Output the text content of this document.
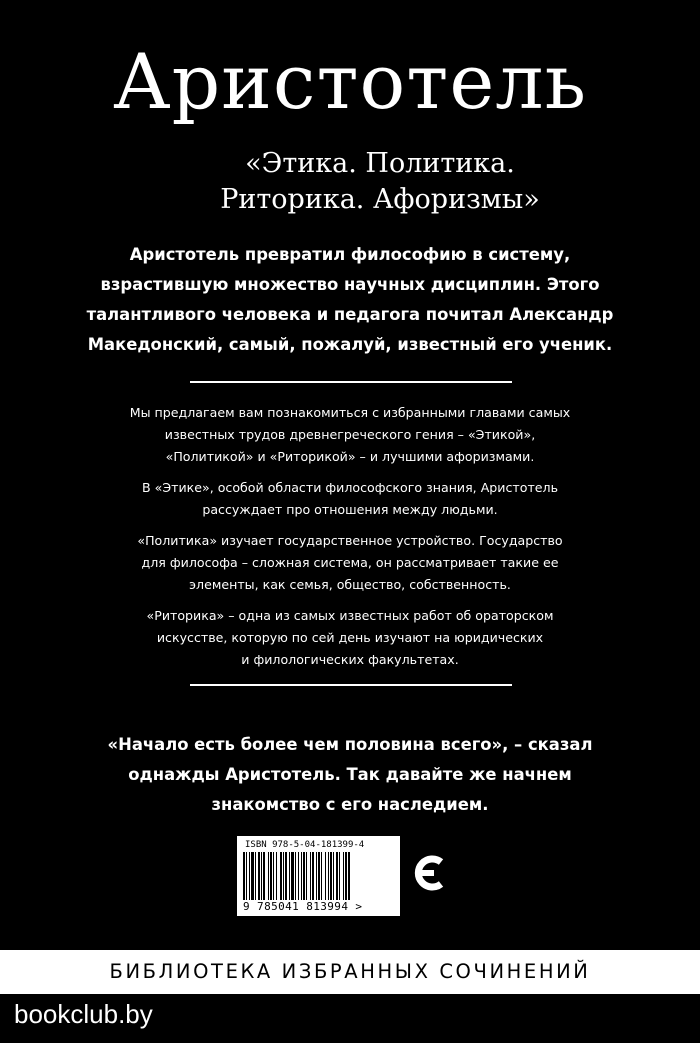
Аристотель
«Этика. Политика.
Риторика. Афоризмы»
Аристотель превратил философию в систему,
взрастившую множество научных дисциплин. Этого
талантливого человека и педагога почитал Александр
Македонский, самый, пожалуй, известный его ученик.

Мы предлагаем вам познакомиться с избранными главами самых
известных трудов древнегреческого гения – «Этикой»,
«Политикой» и «Риторикой» – и лучшими афоризмами.

В «Этике», особой области философского знания, Аристотель
рассуждает про отношения между людьми.

«Политика» изучает государственное устройство. Государство
для философа – сложная система, он рассматривает такие ее
элементы, как семья, общество, собственность.

«Риторика» – одна из самых известных работ об ораторском
искусстве, которую по сей день изучают на юридических
и филологических факультетах.

«Начало есть более чем половина всего», – сказал
однажды Аристотель. Так давайте же начнем
знакомство с его наследием.
ISBN 978-5-04-181399-4
9 785041 813994 >
БИБЛИОТЕКА ИЗБРАННЫХ СОЧИНЕНИЙ
bookclub.by
